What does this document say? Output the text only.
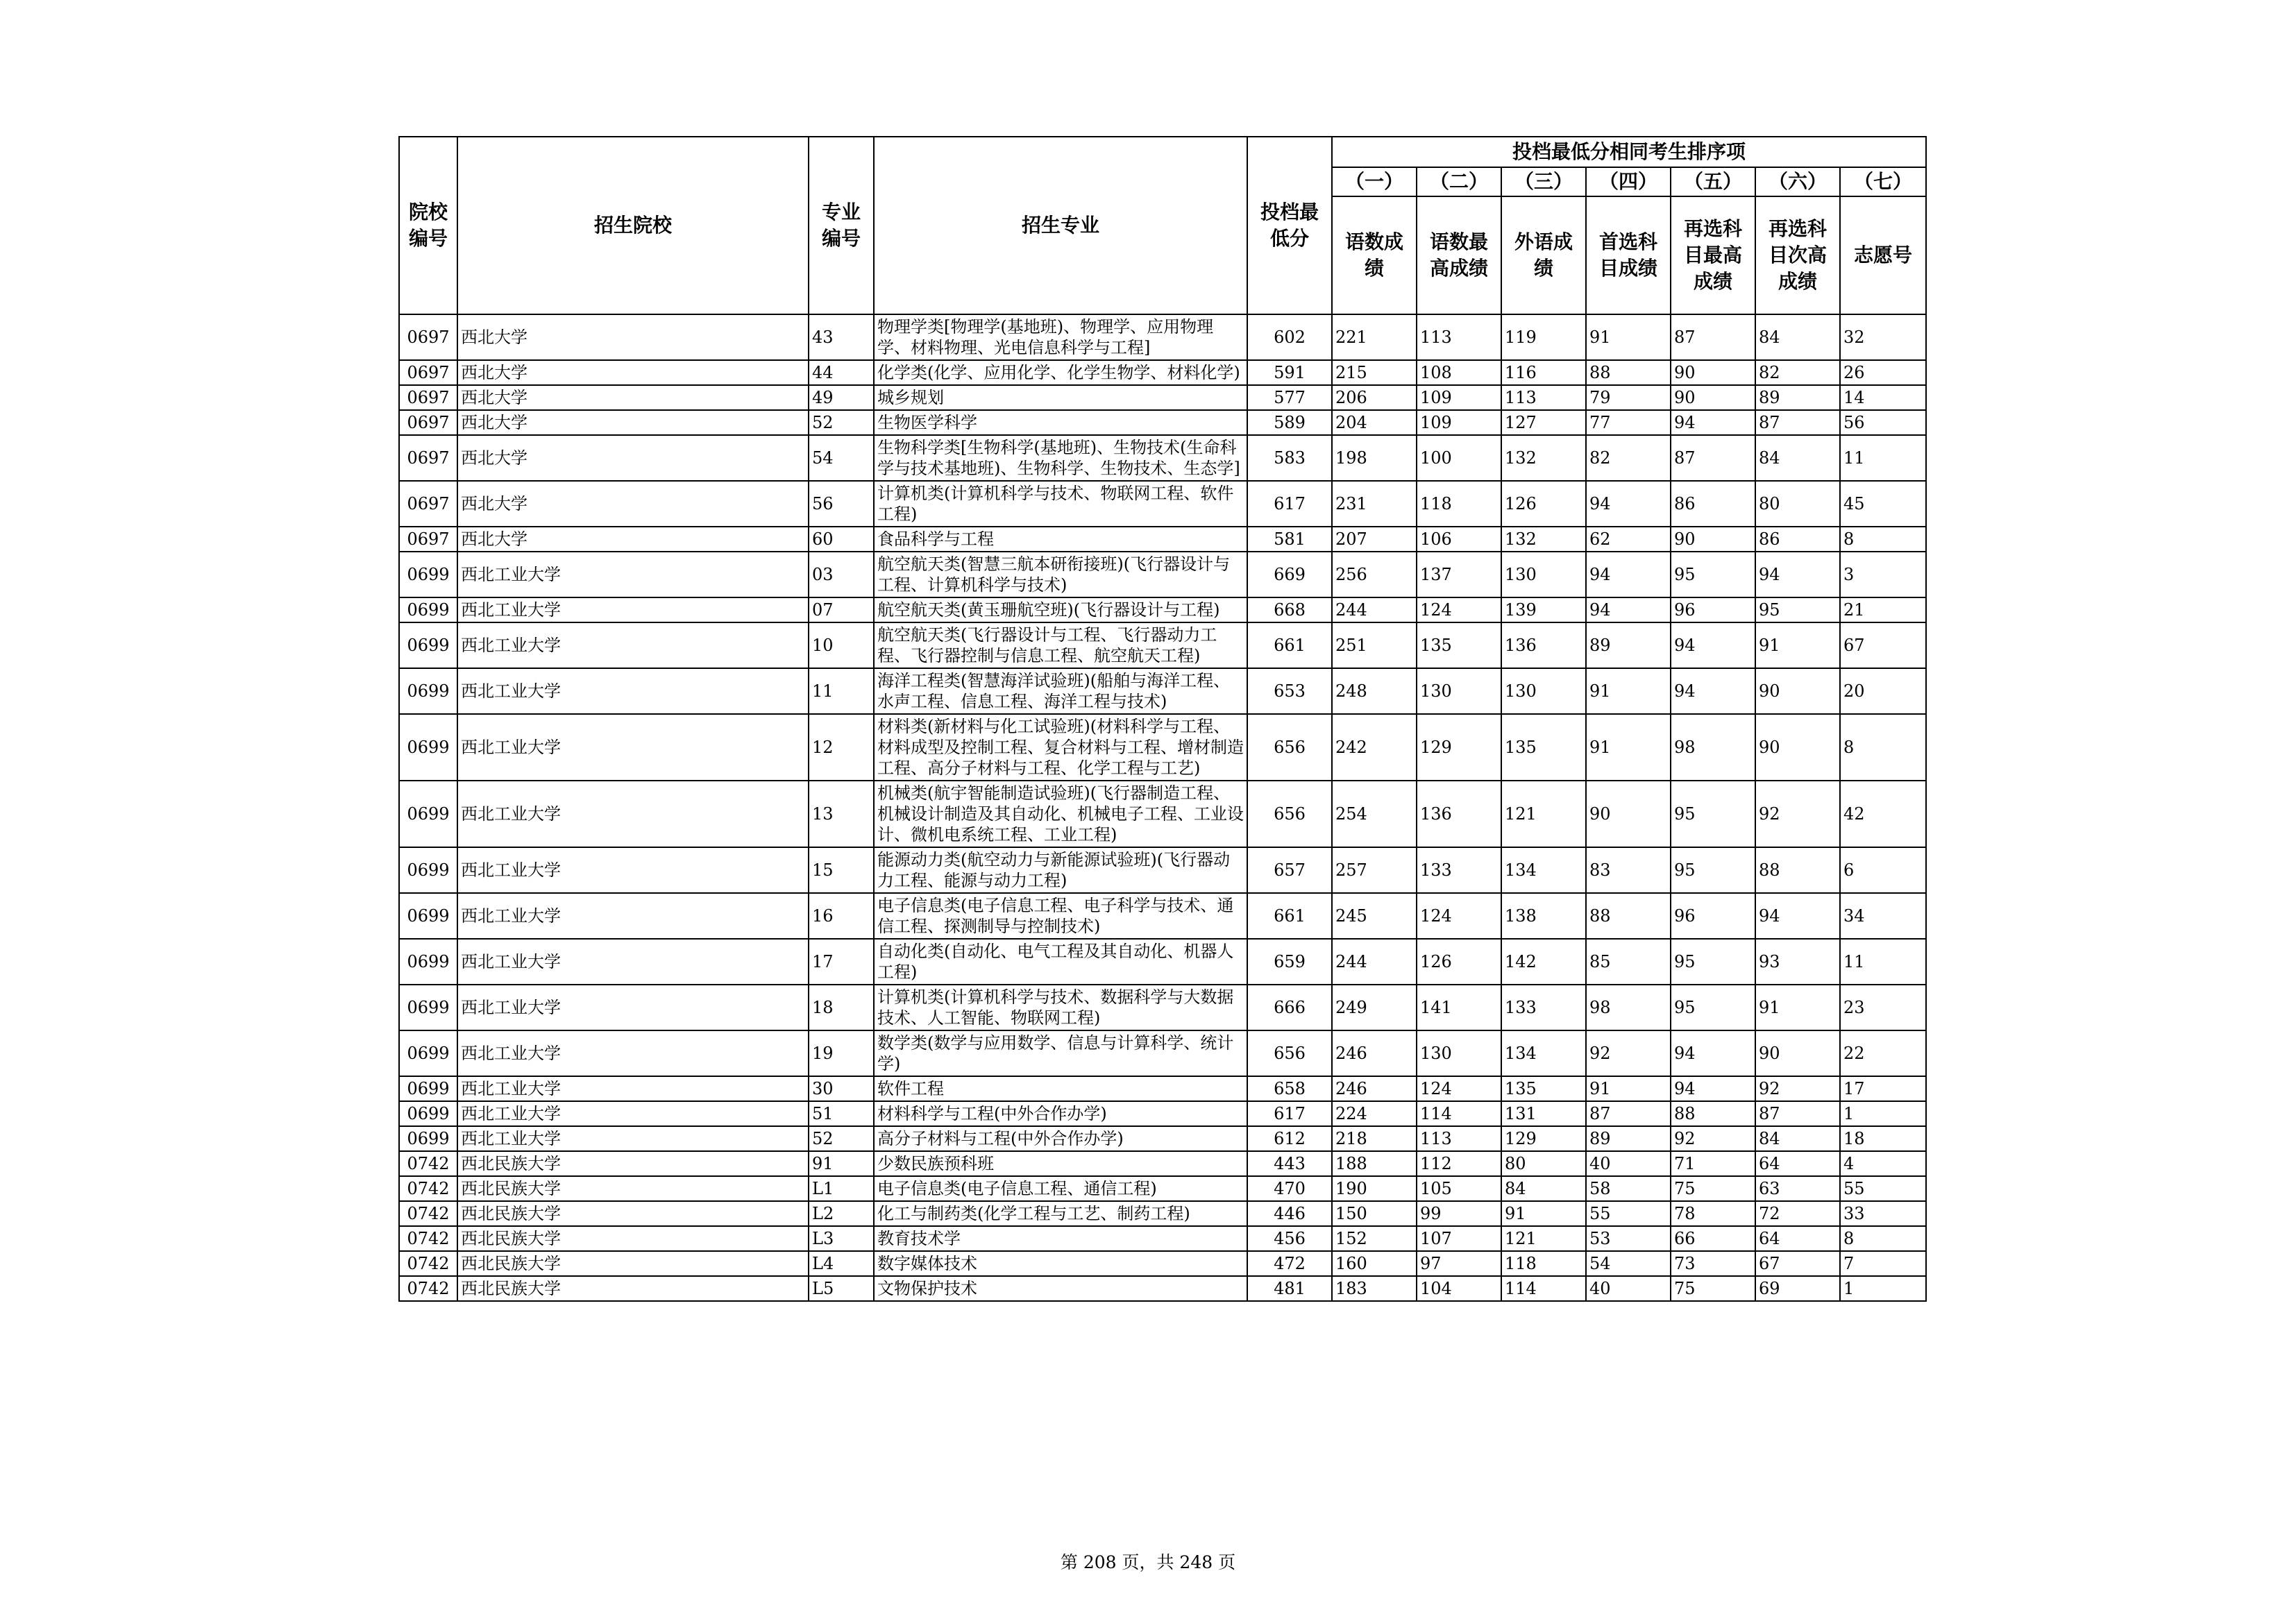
院校编号	招生院校	专业编号	招生专业	投档最低分	投档最低分相同考生排序项						
					（一）	（二）	（三）	（四）	（五）	（六）	（七）
					语数成绩	语数最高成绩	外语成绩	首选科目成绩	再选科目最高成绩	再选科目次高成绩	志愿号
0697	西北大学	43	物理学类[物理学(基地班)、物理学、应用物理学、材料物理、光电信息科学与工程]	602	221	113	119	91	87	84	32
0697	西北大学	44	化学类(化学、应用化学、化学生物学、材料化学)	591	215	108	116	88	90	82	26
0697	西北大学	49	城乡规划	577	206	109	113	79	90	89	14
0697	西北大学	52	生物医学科学	589	204	109	127	77	94	87	56
0697	西北大学	54	生物科学类[生物科学(基地班)、生物技术(生命科学与技术基地班)、生物科学、生物技术、生态学]	583	198	100	132	82	87	84	11
0697	西北大学	56	计算机类(计算机科学与技术、物联网工程、软件工程)	617	231	118	126	94	86	80	45
0697	西北大学	60	食品科学与工程	581	207	106	132	62	90	86	8
0699	西北工业大学	03	航空航天类(智慧三航本研衔接班)(飞行器设计与工程、计算机科学与技术)	669	256	137	130	94	95	94	3
0699	西北工业大学	07	航空航天类(黄玉珊航空班)(飞行器设计与工程)	668	244	124	139	94	96	95	21
0699	西北工业大学	10	航空航天类(飞行器设计与工程、飞行器动力工程、飞行器控制与信息工程、航空航天工程)	661	251	135	136	89	94	91	67
0699	西北工业大学	11	海洋工程类(智慧海洋试验班)(船舶与海洋工程、水声工程、信息工程、海洋工程与技术)	653	248	130	130	91	94	90	20
0699	西北工业大学	12	材料类(新材料与化工试验班)(材料科学与工程、材料成型及控制工程、复合材料与工程、增材制造工程、高分子材料与工程、化学工程与工艺)	656	242	129	135	91	98	90	8
0699	西北工业大学	13	机械类(航宇智能制造试验班)(飞行器制造工程、机械设计制造及其自动化、机械电子工程、工业设计、微机电系统工程、工业工程)	656	254	136	121	90	95	92	42
0699	西北工业大学	15	能源动力类(航空动力与新能源试验班)(飞行器动力工程、能源与动力工程)	657	257	133	134	83	95	88	6
0699	西北工业大学	16	电子信息类(电子信息工程、电子科学与技术、通信工程、探测制导与控制技术)	661	245	124	138	88	96	94	34
0699	西北工业大学	17	自动化类(自动化、电气工程及其自动化、机器人工程)	659	244	126	142	85	95	93	11
0699	西北工业大学	18	计算机类(计算机科学与技术、数据科学与大数据技术、人工智能、物联网工程)	666	249	141	133	98	95	91	23
0699	西北工业大学	19	数学类(数学与应用数学、信息与计算科学、统计学)	656	246	130	134	92	94	90	22
0699	西北工业大学	30	软件工程	658	246	124	135	91	94	92	17
0699	西北工业大学	51	材料科学与工程(中外合作办学)	617	224	114	131	87	88	87	1
0699	西北工业大学	52	高分子材料与工程(中外合作办学)	612	218	113	129	89	92	84	18
0742	西北民族大学	91	少数民族预科班	443	188	112	80	40	71	64	4
0742	西北民族大学	L1	电子信息类(电子信息工程、通信工程)	470	190	105	84	58	75	63	55
0742	西北民族大学	L2	化工与制药类(化学工程与工艺、制药工程)	446	150	99	91	55	78	72	33
0742	西北民族大学	L3	教育技术学	456	152	107	121	53	66	64	8
0742	西北民族大学	L4	数字媒体技术	472	160	97	118	54	73	67	7
0742	西北民族大学	L5	文物保护技术	481	183	104	114	40	75	69	1
第 208 页，共 248 页
